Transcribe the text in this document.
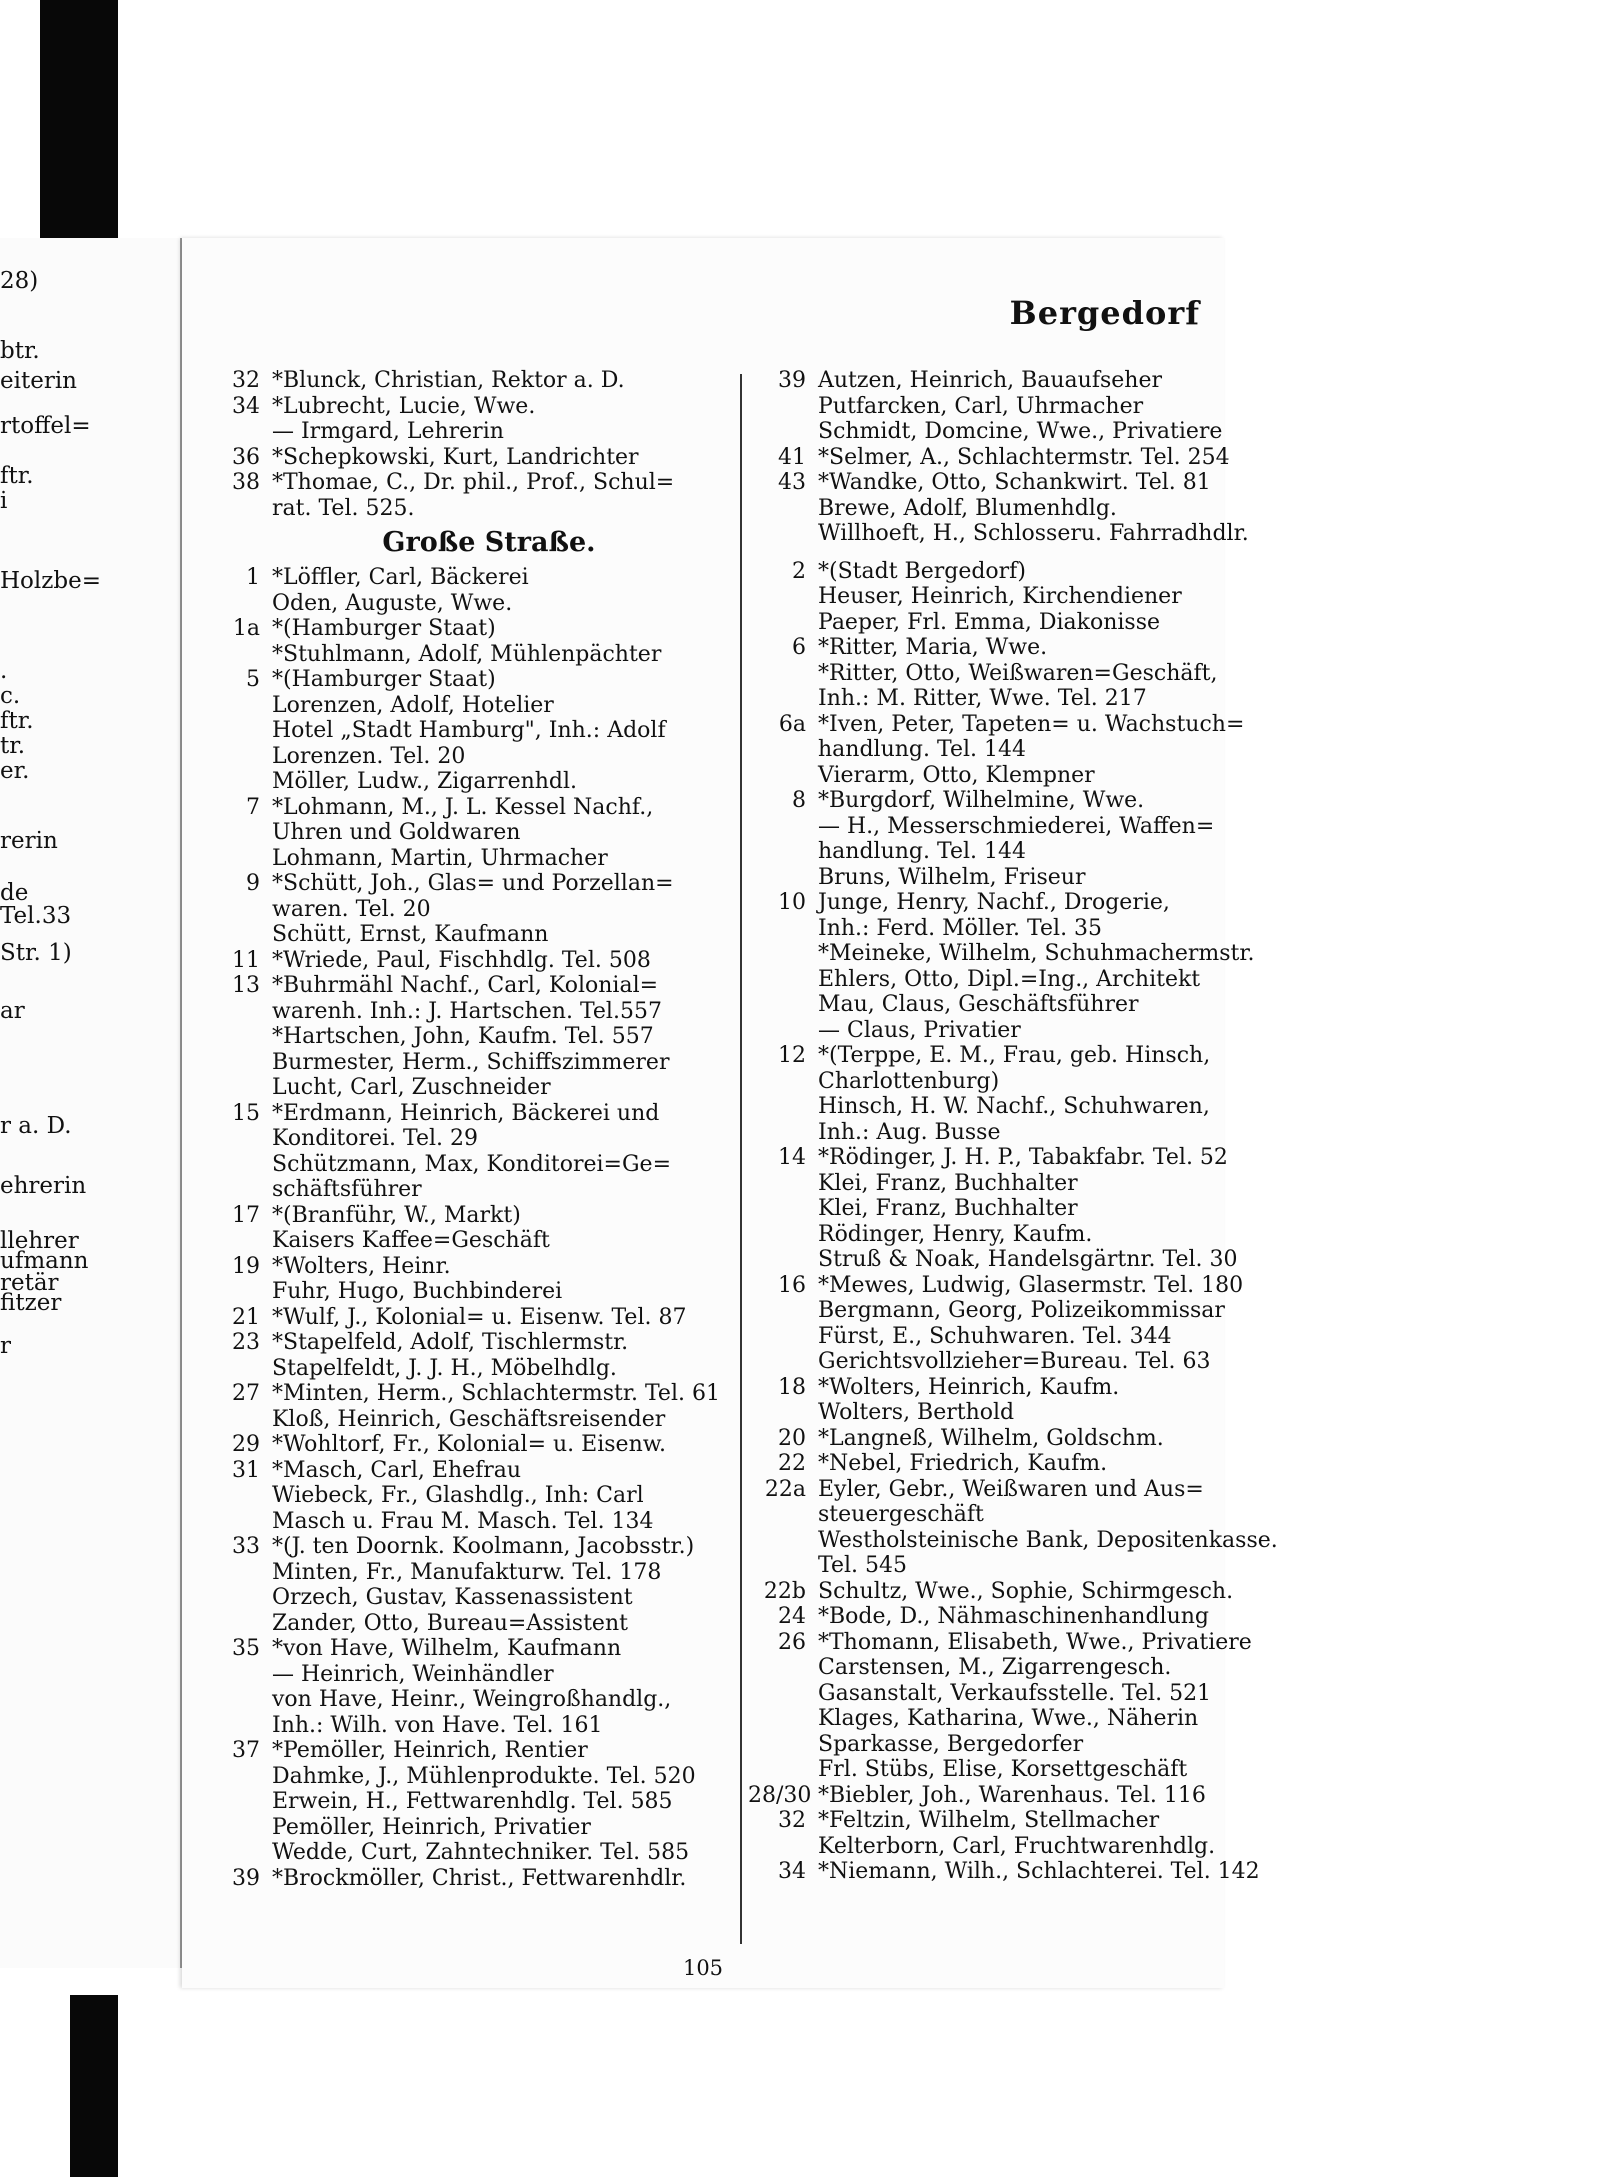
28)
btr.
eiterin
rtoffel=
ftr.
i
Holzbe=
.
c.
ftr.
tr.
er.
rerin
de
Tel.33
Str. 1)
ar
r a. D.
ehrerin
llehrer
ufmann
retär
fitzer
r
Bergedorf
32 *Blunck, Christian, Rektor a. D.
34 *Lubrecht, Lucie, Wwe.
— Irmgard, Lehrerin
36 *Schepkowski, Kurt, Landrichter
38 *Thomae, C., Dr. phil., Prof., Schul=
rat. Tel. 525.
Große Straße.
1 *Löffler, Carl, Bäckerei
Oden, Auguste, Wwe.
1a *(Hamburger Staat)
*Stuhlmann, Adolf, Mühlenpächter
5 *(Hamburger Staat)
Lorenzen, Adolf, Hotelier
Hotel „Stadt Hamburg", Inh.: Adolf
Lorenzen. Tel. 20
Möller, Ludw., Zigarrenhdl.
7 *Lohmann, M., J. L. Kessel Nachf.,
Uhren und Goldwaren
Lohmann, Martin, Uhrmacher
9 *Schütt, Joh., Glas= und Porzellan=
waren. Tel. 20
Schütt, Ernst, Kaufmann
11 *Wriede, Paul, Fischhdlg. Tel. 508
13 *Buhrmähl Nachf., Carl, Kolonial=
warenh. Inh.: J. Hartschen. Tel.557
*Hartschen, John, Kaufm. Tel. 557
Burmester, Herm., Schiffszimmerer
Lucht, Carl, Zuschneider
15 *Erdmann, Heinrich, Bäckerei und
Konditorei. Tel. 29
Schützmann, Max, Konditorei=Ge=
schäftsführer
17 *(Branführ, W., Markt)
Kaisers Kaffee=Geschäft
19 *Wolters, Heinr.
Fuhr, Hugo, Buchbinderei
21 *Wulf, J., Kolonial= u. Eisenw. Tel. 87
23 *Stapelfeld, Adolf, Tischlermstr.
Stapelfeldt, J. J. H., Möbelhdlg.
27 *Minten, Herm., Schlachtermstr. Tel. 61
Kloß, Heinrich, Geschäftsreisender
29 *Wohltorf, Fr., Kolonial= u. Eisenw.
31 *Masch, Carl, Ehefrau
Wiebeck, Fr., Glashdlg., Inh: Carl
Masch u. Frau M. Masch. Tel. 134
33 *(J. ten Doornk. Koolmann, Jacobsstr.)
Minten, Fr., Manufakturw. Tel. 178
Orzech, Gustav, Kassenassistent
Zander, Otto, Bureau=Assistent
35 *von Have, Wilhelm, Kaufmann
— Heinrich, Weinhändler
von Have, Heinr., Weingroßhandlg.,
Inh.: Wilh. von Have. Tel. 161
37 *Pemöller, Heinrich, Rentier
Dahmke, J., Mühlenprodukte. Tel. 520
Erwein, H., Fettwarenhdlg. Tel. 585
Pemöller, Heinrich, Privatier
Wedde, Curt, Zahntechniker. Tel. 585
39 *Brockmöller, Christ., Fettwarenhdlr.
39 Autzen, Heinrich, Bauaufseher
Putfarcken, Carl, Uhrmacher
Schmidt, Domcine, Wwe., Privatiere
41 *Selmer, A., Schlachtermstr. Tel. 254
43 *Wandke, Otto, Schankwirt. Tel. 81
Brewe, Adolf, Blumenhdlg.
Willhoeft, H., Schlosseru. Fahrradhdlr.
2 *(Stadt Bergedorf)
Heuser, Heinrich, Kirchendiener
Paeper, Frl. Emma, Diakonisse
6 *Ritter, Maria, Wwe.
*Ritter, Otto, Weißwaren=Geschäft,
Inh.: M. Ritter, Wwe. Tel. 217
6a *Iven, Peter, Tapeten= u. Wachstuch=
handlung. Tel. 144
Vierarm, Otto, Klempner
8 *Burgdorf, Wilhelmine, Wwe.
— H., Messerschmiederei, Waffen=
handlung. Tel. 144
Bruns, Wilhelm, Friseur
10 Junge, Henry, Nachf., Drogerie,
Inh.: Ferd. Möller. Tel. 35
*Meineke, Wilhelm, Schuhmachermstr.
Ehlers, Otto, Dipl.=Ing., Architekt
Mau, Claus, Geschäftsführer
— Claus, Privatier
12 *(Terppe, E. M., Frau, geb. Hinsch,
Charlottenburg)
Hinsch, H. W. Nachf., Schuhwaren,
Inh.: Aug. Busse
14 *Rödinger, J. H. P., Tabakfabr. Tel. 52
Klei, Franz, Buchhalter
Klei, Franz, Buchhalter
Rödinger, Henry, Kaufm.
Struß & Noak, Handelsgärtnr. Tel. 30
16 *Mewes, Ludwig, Glasermstr. Tel. 180
Bergmann, Georg, Polizeikommissar
Fürst, E., Schuhwaren. Tel. 344
Gerichtsvollzieher=Bureau. Tel. 63
18 *Wolters, Heinrich, Kaufm.
Wolters, Berthold
20 *Langneß, Wilhelm, Goldschm.
22 *Nebel, Friedrich, Kaufm.
22a Eyler, Gebr., Weißwaren und Aus=
steuergeschäft
Westholsteinische Bank, Depositenkasse.
Tel. 545
22b Schultz, Wwe., Sophie, Schirmgesch.
24 *Bode, D., Nähmaschinenhandlung
26 *Thomann, Elisabeth, Wwe., Privatiere
Carstensen, M., Zigarrengesch.
Gasanstalt, Verkaufsstelle. Tel. 521
Klages, Katharina, Wwe., Näherin
Sparkasse, Bergedorfer
Frl. Stübs, Elise, Korsettgeschäft
28/30 *Biebler, Joh., Warenhaus. Tel. 116
32 *Feltzin, Wilhelm, Stellmacher
Kelterborn, Carl, Fruchtwarenhdlg.
34 *Niemann, Wilh., Schlachterei. Tel. 142
105
